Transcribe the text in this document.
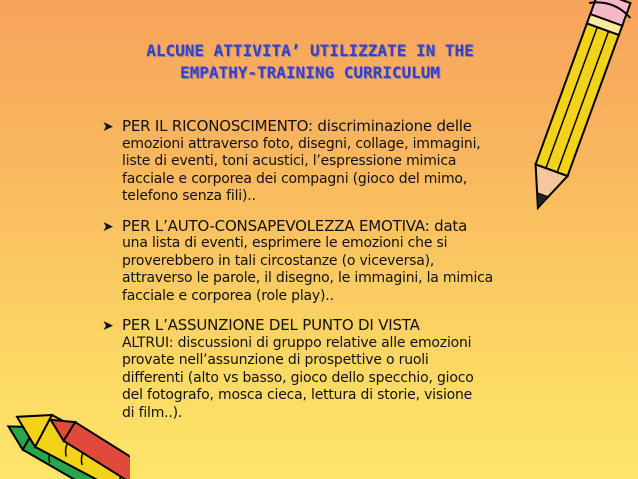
ALCUNE ATTIVITA’ UTILIZZATE IN THE
EMPATHY-TRAINING CURRICULUM
➤ PER IL RICONOSCIMENTO: discriminazione delle
emozioni attraverso foto, disegni, collage, immagini,
liste di eventi, toni acustici, l’espressione mimica
facciale e corporea dei compagni (gioco del mimo,
telefono senza fili)..
➤ PER L’AUTO-CONSAPEVOLEZZA EMOTIVA: data
una lista di eventi, esprimere le emozioni che si
proverebbero in tali circostanze (o viceversa),
attraverso le parole, il disegno, le immagini, la mimica
facciale e corporea (role play)..
➤ PER L’ASSUNZIONE DEL PUNTO DI VISTA
ALTRUI: discussioni di gruppo relative alle emozioni
provate nell’assunzione di prospettive o ruoli
differenti (alto vs basso, gioco dello specchio, gioco
del fotografo, mosca cieca, lettura di storie, visione
di film..).
